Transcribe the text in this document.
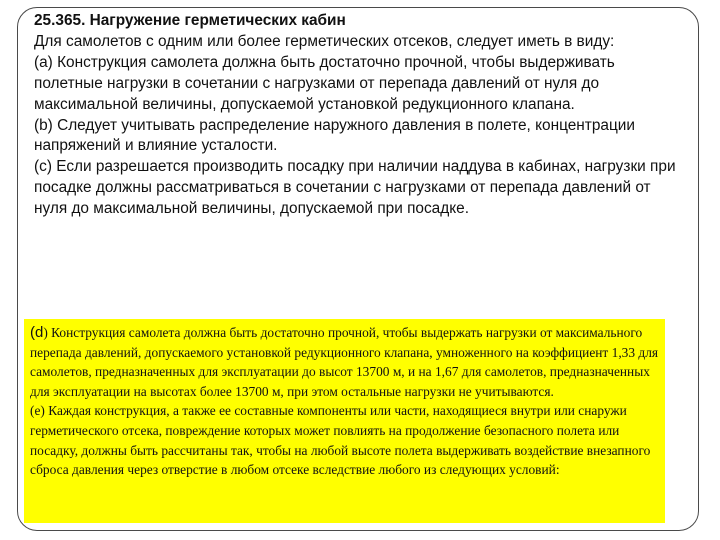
25.365. Нагружение герметических кабин

Для самолетов с одним или более герметических отсеков, следует иметь в виду:

(a) Конструкция самолета должна быть достаточно прочной, чтобы выдерживать полетные нагрузки в сочетании с нагрузками от перепада давлений от нуля до максимальной величины, допускаемой установкой редукционного клапана.

(b) Следует учитывать распределение наружного давления в полете, концентрации напряжений и влияние усталости.

(c) Если разрешается производить посадку при наличии наддува в кабинах, нагрузки при посадке должны рассматриваться в сочетании с нагрузками от перепада давлений от нуля до максимальной величины, допускаемой при посадке.

(d) Конструкция самолета должна быть достаточно прочной, чтобы выдержать нагрузки от максимального перепада давлений, допускаемого установкой редукционного клапана, умноженного на коэффициент 1,33 для самолетов, предназначенных для эксплуатации до высот 13700 м, и на 1,67 для самолетов, предназначенных для эксплуатации на высотах более 13700 м, при этом остальные нагрузки не учитываются.

(e) Каждая конструкция, а также ее составные компоненты или части, находящиеся внутри или снаружи герметического отсека, повреждение которых может повлиять на продолжение безопасного полета или посадку, должны быть рассчитаны так, чтобы на любой высоте полета выдерживать воздействие внезапного сброса давления через отверстие в любом отсеке вследствие любого из следующих условий:
